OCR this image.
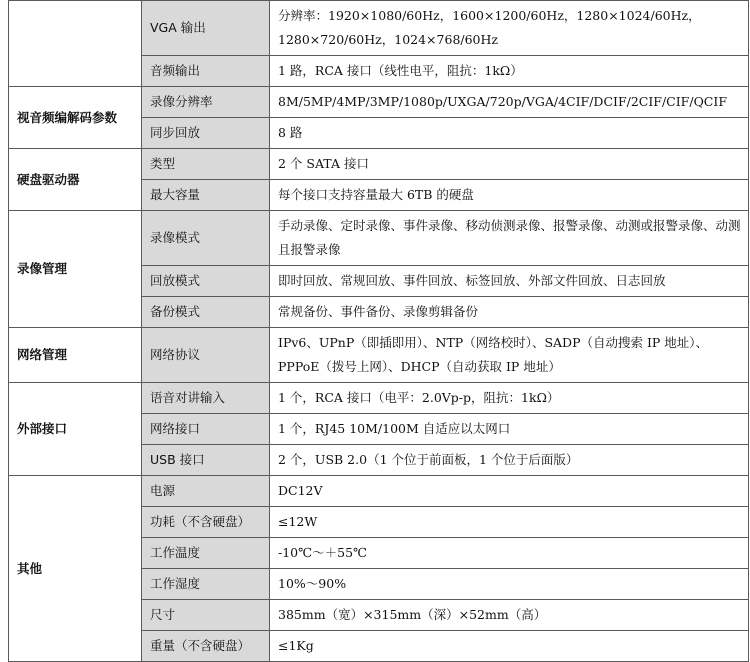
	VGA 输出	分辨率：1920×1080/60Hz，1600×1200/60Hz，1280×1024/60Hz，1280×720/60Hz，1024×768/60Hz
	音频输出	1 路，RCA 接口（线性电平，阻抗：1kΩ）
视音频编解码参数	录像分辨率	8M/5MP/4MP/3MP/1080p/UXGA/720p/VGA/4CIF/DCIF/2CIF/CIF/QCIF
	同步回放	8 路
硬盘驱动器	类型	2 个 SATA 接口
	最大容量	每个接口支持容量最大 6TB 的硬盘
录像管理	录像模式	手动录像、定时录像、事件录像、移动侦测录像、报警录像、动测或报警录像、动测且报警录像
	回放模式	即时回放、常规回放、事件回放、标签回放、外部文件回放、日志回放
	备份模式	常规备份、事件备份、录像剪辑备份
网络管理	网络协议	IPv6、UPnP（即插即用）、NTP（网络校时）、SADP（自动搜索 IP 地址）、PPPoE（拨号上网）、DHCP（自动获取 IP 地址）
外部接口	语音对讲输入	1 个，RCA 接口（电平：2.0Vp-p，阻抗：1kΩ）
	网络接口	1 个，RJ45 10M/100M 自适应以太网口
	USB 接口	2 个，USB 2.0（1 个位于前面板，1 个位于后面版）
其他	电源	DC12V
	功耗（不含硬盘）	≤12W
	工作温度	-10℃～＋55℃
	工作湿度	10%～90%
	尺寸	385mm（宽）×315mm（深）×52mm（高）
	重量（不含硬盘）	≤1Kg
